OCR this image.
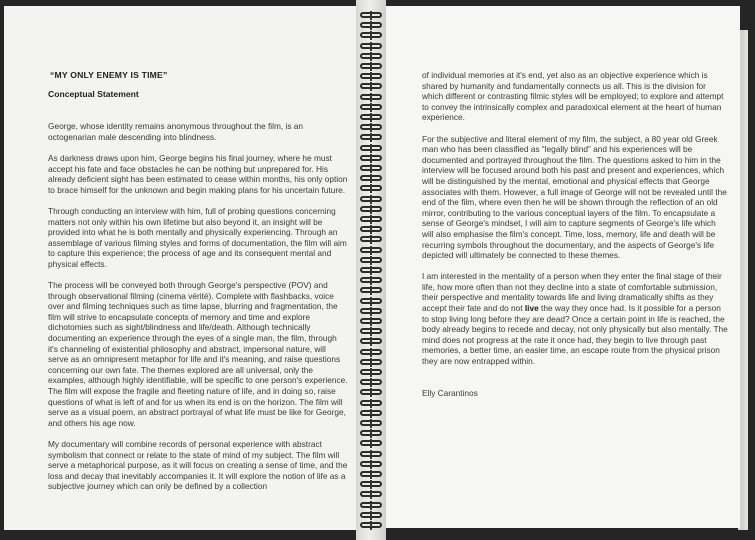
“MY ONLY ENEMY IS TIME”
Conceptual Statement

George, whose identity remains anonymous throughout the film, is an octogenarian male descending into blindness.

As darkness draws upon him, George begins his final journey, where he must accept his fate and face obstacles he can be nothing but unprepared for. His already deficient sight has been estimated to cease within months, his only option to brace himself for the unknown and begin making plans for his uncertain future.

Through conducting an interview with him, full of probing questions concerning matters not only within his own lifetime but also beyond it, an insight will be provided into what he is both mentally and physically experiencing. Through an assemblage of various filming styles and forms of documentation, the film will aim to capture this experience; the process of age and its consequent mental and physical effects.

The process will be conveyed both through George's perspective (POV) and through observational filming (cinema vérité). Complete with flashbacks, voice over and filming techniques such as time lapse, blurring and fragmentation, the film will strive to encapsulate concepts of memory and time and explore dichotomies such as sight/blindness and life/death. Although technically documenting an experience through the eyes of a single man, the film, through it's channeling of existential philosophy and abstract, impersonal nature, will serve as an omnipresent metaphor for life and it's meaning, and raise questions concerning our own fate. The themes explored are all universal, only the examples, although highly identifiable, will be specific to one person's experience. The film will expose the fragile and fleeting nature of life, and in doing so, raise questions of what is left of and for us when its end is on the horizon. The film will serve as a visual poem, an abstract portrayal of what life must be like for George, and others his age now.

My documentary will combine records of personal experience with abstract symbolism that connect or relate to the state of mind of my subject. The film will serve a metaphorical purpose, as it will focus on creating a sense of time, and the loss and decay that inevitably accompanies it. It will explore the notion of life as a subjective journey which can only be defined by a collection

of individual memories at it's end, yet also as an objective experience which is shared by humanity and fundamentally connects us all. This is the division for which different or contrasting filmic styles will be employed; to explore and attempt to convey the intrinsically complex and paradoxical element at the heart of human experience.

For the subjective and literal element of my film, the subject, a 80 year old Greek man who has been classified as “legally blind” and his experiences will be documented and portrayed throughout the film. The questions asked to him in the interview will be focused around both his past and present and experiences, which will be distinguished by the mental, emotional and physical effects that George associates with them. However, a full image of George will not be revealed until the end of the film, where even then he will be shown through the reflection of an old mirror, contributing to the various conceptual layers of the film. To encapsulate a sense of George's mindset, I will aim to capture segments of George's life which will also emphasise the film's concept. Time, loss, memory, life and death will be recurring symbols throughout the documentary, and the aspects of George's life depicted will ultimately be connected to these themes.

I am interested in the mentality of a person when they enter the final stage of their life, how more often than not they decline into a state of comfortable submission, their perspective and mentality towards life and living dramatically shifts as they accept their fate and do not live the way they once had. Is it possible for a person to stop living long before they are dead? Once a certain point in life is reached, the body already begins to recede and decay, not only physically but also mentally. The mind does not progress at the rate it once had, they begin to live through past memories, a better time, an easier time, an escape route from the physical prison they are now entrapped within.

Elly Carantinos
